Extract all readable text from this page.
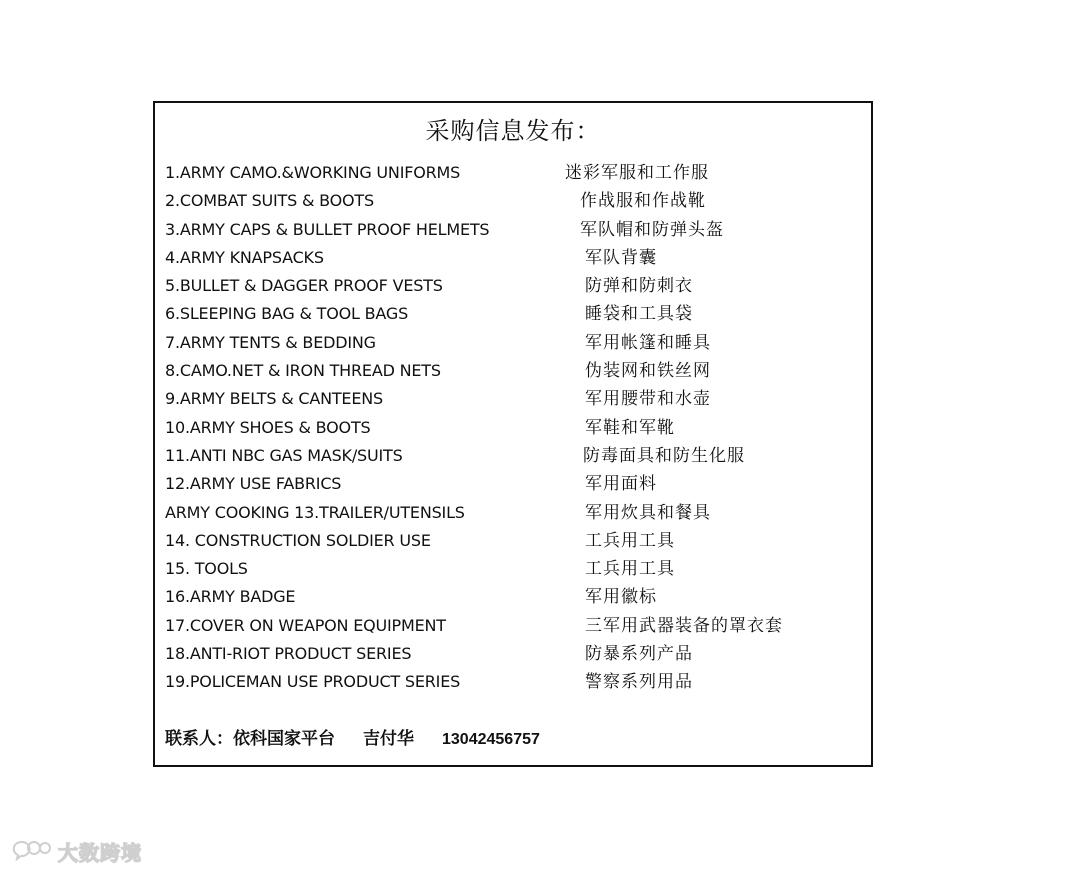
采购信息发布：
1.ARMY CAMO.&WORKING UNIFORMS	迷彩军服和工作服
2.COMBAT SUITS & BOOTS	作战服和作战靴
3.ARMY CAPS & BULLET PROOF HELMETS	军队帽和防弹头盔
4.ARMY KNAPSACKS	军队背囊
5.BULLET & DAGGER PROOF VESTS	防弹和防刺衣
6.SLEEPING BAG & TOOL BAGS	睡袋和工具袋
7.ARMY TENTS & BEDDING	军用帐篷和睡具
8.CAMO.NET & IRON THREAD NETS	伪装网和铁丝网
9.ARMY BELTS & CANTEENS	军用腰带和水壶
10.ARMY SHOES & BOOTS	军鞋和军靴
11.ANTI NBC GAS MASK/SUITS	防毒面具和防生化服
12.ARMY USE FABRICS	军用面料
ARMY COOKING 13.TRAILER/UTENSILS	军用炊具和餐具
14. CONSTRUCTION SOLDIER USE	工兵用工具
15. TOOLS	工兵用工具
16.ARMY BADGE	军用徽标
17.COVER ON WEAPON EQUIPMENT	三军用武器装备的罩衣套
18.ANTI-RIOT PRODUCT SERIES	防暴系列产品
19.POLICEMAN USE PRODUCT SERIES	警察系列用品
联系人：依科国家平台 吉付华 13042456757
大数跨境
